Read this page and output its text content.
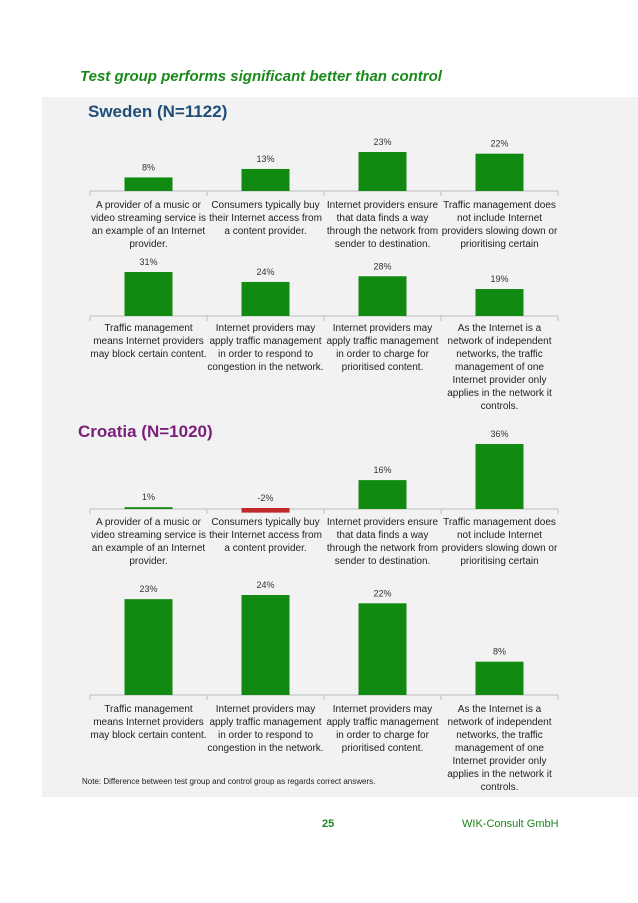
Test group performs significant better than control
Sweden (N=1122)
Croatia (N=1020)
8%
13%
23%	22%
A provider of a music or video streaming service is an example of an Internet provider.
Consumers typically buy their Internet access from a content provider.
Internet providers ensure that data finds a way through the network from sender to destination.
Traffic management does not include Internet providers slowing down or prioritising certain
31%
24%
28%
19%
Traffic management means Internet providers may block certain content.
Internet providers may apply traffic management in order to respond to congestion in the network.
Internet providers may apply traffic management in order to charge for prioritised content.
As the Internet is a network of independent networks, the traffic management of one Internet provider only applies in the network it controls.
1%	-2%
16%
36%
A provider of a music or video streaming service is an example of an Internet provider.
Consumers typically buy their Internet access from a content provider.
Internet providers ensure that data finds a way through the network from sender to destination.
Traffic management does not include Internet providers slowing down or prioritising certain
23%	24%
22%
8%
Traffic management means Internet providers may block certain content.
Internet providers may apply traffic management in order to respond to congestion in the network.
Internet providers may apply traffic management in order to charge for prioritised content.
As the Internet is a network of independent networks, the traffic management of one Internet provider only applies in the network it controls.
Note: Difference between test group and control group as regards correct answers.
25	WIK-Consult GmbH
